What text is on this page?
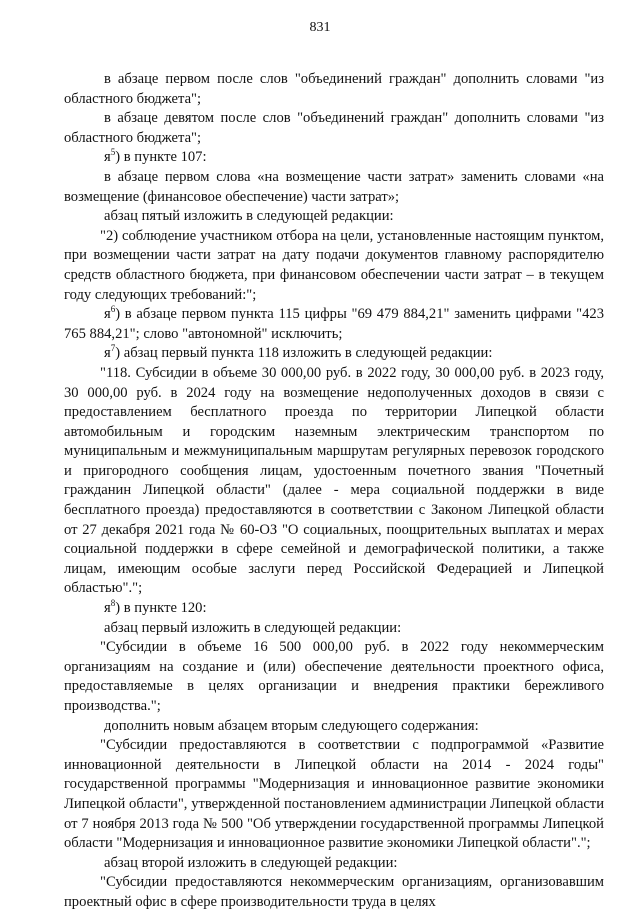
831

в абзаце первом после слов "объединений граждан" дополнить словами "из областного бюджета";

в абзаце девятом после слов "объединений граждан" дополнить словами "из областного бюджета";

$я^5$) в пункте 107:

в абзаце первом слова «на возмещение части затрат» заменить словами «на возмещение (финансовое обеспечение) части затрат»;

абзац пятый изложить в следующей редакции:

"2) соблюдение участником отбора на цели, установленные настоящим пунктом, при возмещении части затрат на дату подачи документов главному распорядителю средств областного бюджета, при финансовом обеспечении части затрат – в текущем году следующих требований:";

$я^6$) в абзаце первом пункта 115 цифры "69 479 884,21" заменить цифрами "423 765 884,21"; слово "автономной" исключить;

$я^7$) абзац первый пункта 118 изложить в следующей редакции:

"118. Субсидии в объеме 30 000,00 руб. в 2022 году, 30 000,00 руб. в 2023 году, 30 000,00 руб. в 2024 году на возмещение недополученных доходов в связи с предоставлением бесплатного проезда по территории Липецкой области автомобильным и городским наземным электрическим транспортом по муниципальным и межмуниципальным маршрутам регулярных перевозок городского и пригородного сообщения лицам, удостоенным почетного звания "Почетный гражданин Липецкой области" (далее - мера социальной поддержки в виде бесплатного проезда) предоставляются в соответствии с Законом Липецкой области от 27 декабря 2021 года № 60-ОЗ "О социальных, поощрительных выплатах и мерах социальной поддержки в сфере семейной и демографической политики, а также лицам, имеющим особые заслуги перед Российской Федерацией и Липецкой областью".";

$я^8$) в пункте 120:

абзац первый изложить в следующей редакции:

"Субсидии в объеме 16 500 000,00 руб. в 2022 году некоммерческим организациям на создание и (или) обеспечение деятельности проектного офиса, предоставляемые в целях организации и внедрения практики бережливого производства.";

дополнить новым абзацем вторым следующего содержания:

"Субсидии предоставляются в соответствии с подпрограммой «Развитие инновационной деятельности в Липецкой области на 2014 - 2024 годы" государственной программы "Модернизация и инновационное развитие экономики Липецкой области", утвержденной постановлением администрации Липецкой области от 7 ноября 2013 года № 500 "Об утверждении государственной программы Липецкой области "Модернизация и инновационное развитие экономики Липецкой области".";

абзац второй изложить в следующей редакции:

"Субсидии предоставляются некоммерческим организациям, организовавшим проектный офис в сфере производительности труда в целях
